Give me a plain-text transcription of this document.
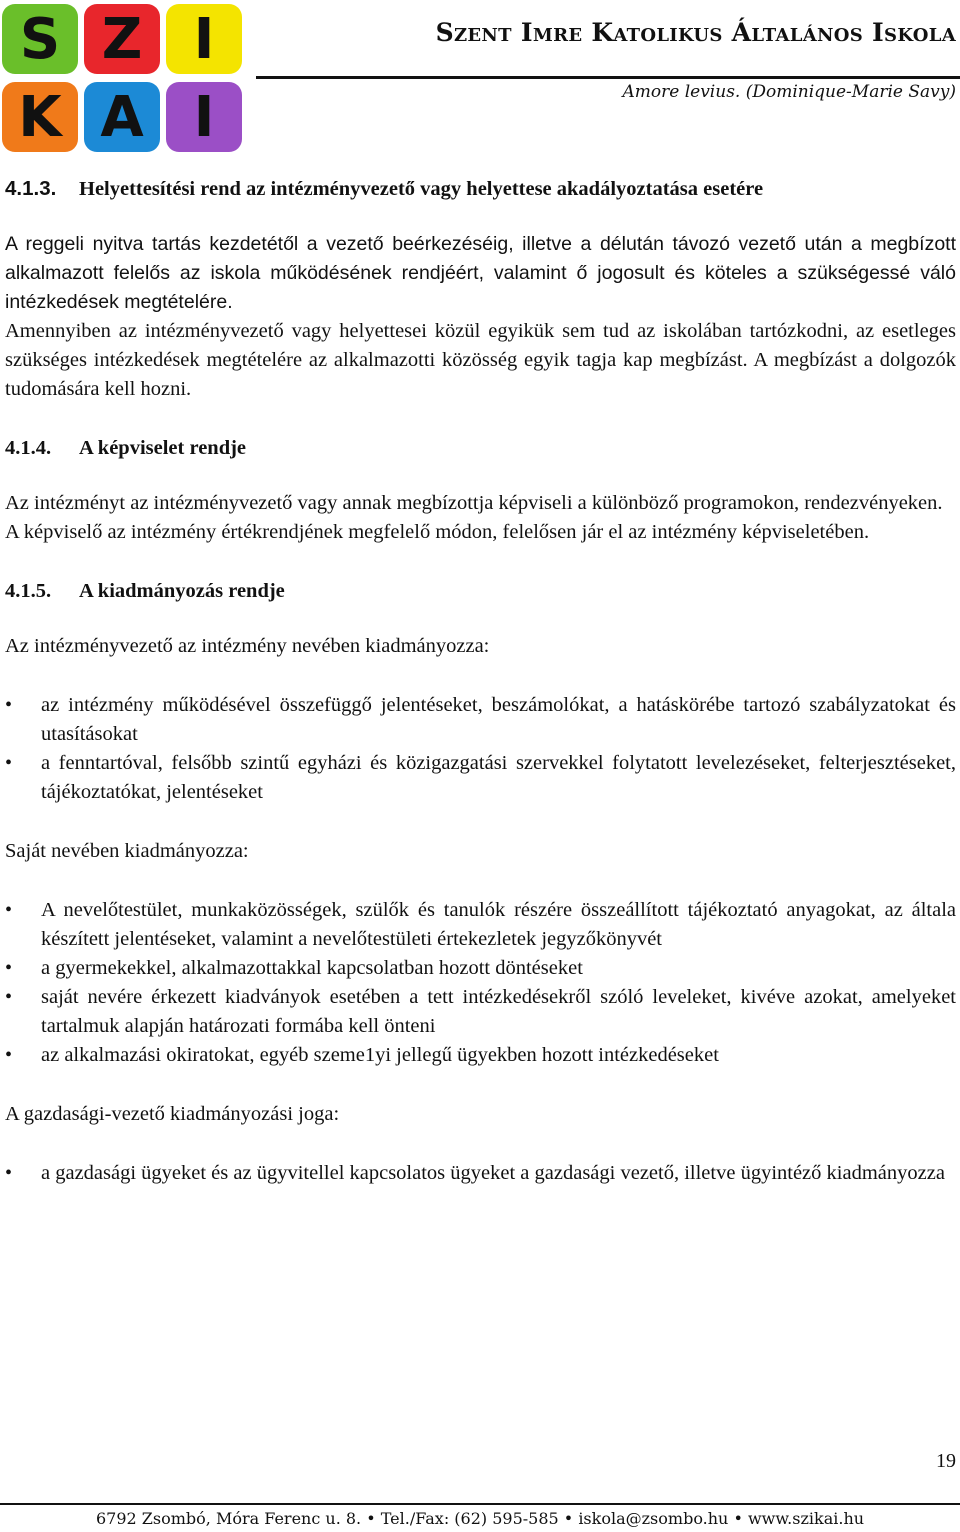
S Z I
K A I
Szent Imre Katolikus Általános Iskola
Amore levius. (Dominique-Marie Savy)
4.1.3. Helyettesítési rend az intézményvezető vagy helyettese akadályoztatása esetére

A reggeli nyitva tartás kezdetétől a vezető beérkezéséig, illetve a délután távozó vezető után a megbízott alkalmazott felelős az iskola működésének rendjéért, valamint ő jogosult és köteles a szükségessé váló intézkedések megtételére.

Amennyiben az intézményvezető vagy helyettesei közül egyikük sem tud az iskolában tartózkodni, az esetleges szükséges intézkedések megtételére az alkalmazotti közösség egyik tagja kap megbízást. A megbízást a dolgozók tudomására kell hozni.

4.1.4. A képviselet rendje

Az intézményt az intézményvezető vagy annak megbízottja képviseli a különböző programokon, rendezvényeken.

A képviselő az intézmény értékrendjének megfelelő módon, felelősen jár el az intézmény képviseletében.

4.1.5. A kiadmányozás rendje

Az intézményvezető az intézmény nevében kiadmányozza:

• az intézmény működésével összefüggő jelentéseket, beszámolókat, a hatáskörébe tartozó szabályzatokat és utasításokat
• a fenntartóval, felsőbb szintű egyházi és közigazgatási szervekkel folytatott levelezéseket, felterjesztéseket, tájékoztatókat, jelentéseket

Saját nevében kiadmányozza:

• A nevelőtestület, munkaközösségek, szülők és tanulók részére összeállított tájékoztató anyagokat, az általa készített jelentéseket, valamint a nevelőtestületi értekezletek jegyzőkönyvét
• a gyermekekkel, alkalmazottakkal kapcsolatban hozott döntéseket
• saját nevére érkezett kiadványok esetében a tett intézkedésekről szóló leveleket, kivéve azokat, amelyeket tartalmuk alapján határozati formába kell önteni
• az alkalmazási okiratokat, egyéb szeme1yi jellegű ügyekben hozott intézkedéseket

A gazdasági-vezető kiadmányozási joga:

• a gazdasági ügyeket és az ügyvitellel kapcsolatos ügyeket a gazdasági vezető, illetve ügyintéző kiadmányozza
19
6792 Zsombó, Móra Ferenc u. 8. • Tel./Fax: (62) 595-585 • iskola@zsombo.hu • www.szikai.hu
